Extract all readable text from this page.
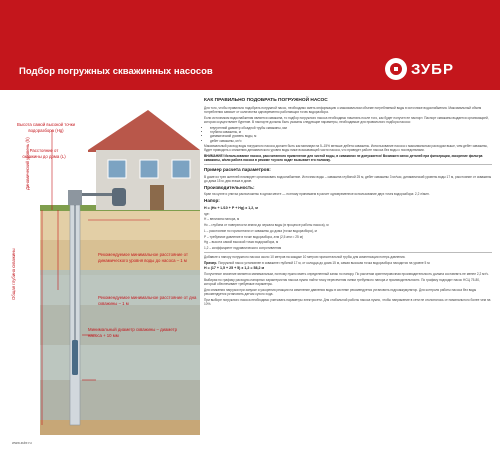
Подбор погружных скважинных насосов	ЗУБР
Высота самой высокой точки водоразбора (Hg)
Расстояние от скважины до дома (L)
Динамический уровень (h)
Общая глубина скважины	Рекомендуемое минимальное расстояние от динамического уровня воды до насоса – 1 м
Рекомендуемое минимальное расстояние от дна скважины – 1 м
Минимальный диаметр скважины – диаметр насоса + 10 мм
КАК ПРАВИЛЬНО ПОДОБРАТЬ ПОГРУЖНОЙ НАСОС

Для того, чтобы правильно подобрать погружной насос, необходимо иметь информацию о максимальном объеме потребляемой воды в источнике водоснабжения. Максимальный объем потребления зависит от количества одновременно работающих точек водоразбора.

Если источником водоснабжения является скважина, то подбор погружного насоса необходимо начинать после того, как будет получен ее паспорт. Паспорт скважины выдается организацией, которая осуществляет бурение. В паспорте должны быть указаны следующие параметры, необходимые для правильного подбора насоса:

• внутренний диаметр обсадной трубы скважины, мм
• глубина скважины, м
• динамический уровень воды, м
• дебет скважины, м³/ч

Максимальный расход воды погружного насоса должен быть как минимум на 5–15% меньше дебета скважины. Использование насоса с максимальным расходом выше, чем дебет скважины, будет приводить к снижению динамического уровня воды ниже всасывающей части насоса, что приведет работе насоса без воды с последствиями.

ВНИМАНИЕ! Использование насоса, рассчитанного применение для чистой воды, в скважинах не допускается! Возможен износ деталей при фильтрации, засорение фильтра скважины, и/или работа насоса в режиме «сухого хода» вызывает его поломку.

Пример расчета параметров:

В доме из трех жителей планирует организовать водоснабжение. Источник воды – скважина глубиной 25 м, дебет скважины 3 м³/час, динамический уровень воды 17 м, расстояние от скважины до дома 15 м, два этажа в доме.

Производительность:

Кран на кухне и унитаз расположены в одном месте — поэтому принимаем в расчет одновременное использование двух точек водоразбора: 2,2 л/мин.

Напор:
H = (Hс + L/10 + P + Hg) x 1,2, м

где:

H – величина напора, м

Hс – глубина от поверхности земли до зеркала воды (в процессе работы насоса), м

L – расстояние по горизонтали от скважины до дома (точки водоразбора), м

P – требуемое давление в точке водоразбора, атм (2,5 атм = 25 м)

Hg – высота самой высокой точки водоразбора, м

1,2 – коэффициент гидравлического сопротивления

Добавьте к напору погружного насоса около 10 метров на каждые 10 метров горизонтальной трубы для компенсации потерь давления.

Пример. Погружной насос установлен в скважине глубиной 17 м, от колодца до дома 15 м, самая высокая точка водоразбора находится на уровне 5 м:

H = (17 + 1,5 + 25 + 5) x 1,2 = 58,2 м

Полученное значение является минимальным, поэтому нужно иметь определенный запас по напору. По расчетам ориентировочная производительность должна составлять не менее 2,2 м³/ч.

Выбирая по графику расходно-напорных характеристик насоса нужно найти точку пересечения линии требуемого напора и производительности. По графику подходит насос НСЦ 75-80, который обеспечивает требуемые параметры.

Для снижения нагрузки при запуске и ускорения реакции на изменение давления воды в системе рекомендуется установить гидроаккумулятор. Для контроля работы насоса без воды рекомендуется установить датчик сухого хода.

При выборе погружного насоса необходимо учитывать параметры электросети. Для стабильной работы насоса нужно, чтобы напряжение в сети не отклонялось от номинального более чем на 10%.

www.zubr.ru
